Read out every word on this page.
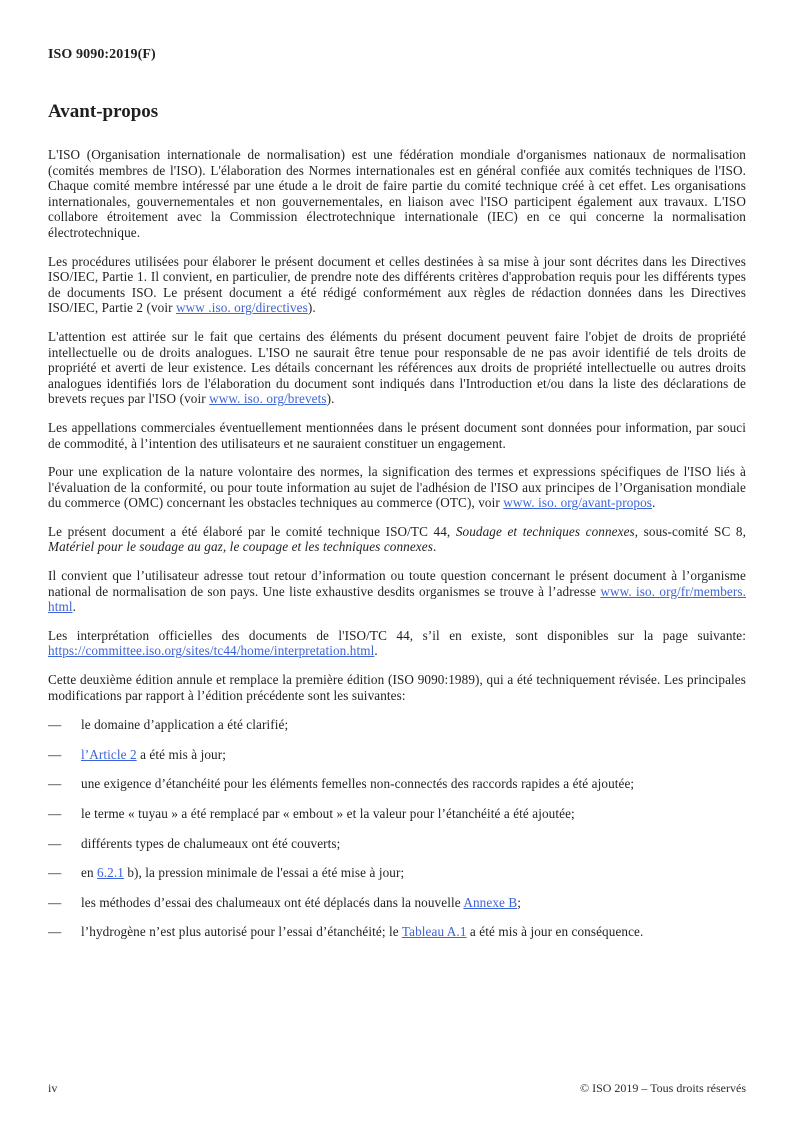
ISO 9090:2019(F)
Avant-propos

L'ISO (Organisation internationale de normalisation) est une fédération mondiale d'organismes nationaux de normalisation (comités membres de l'ISO). L'élaboration des Normes internationales est en général confiée aux comités techniques de l'ISO. Chaque comité membre intéressé par une étude a le droit de faire partie du comité technique créé à cet effet. Les organisations internationales, gouvernementales et non gouvernementales, en liaison avec l'ISO participent également aux travaux. L'ISO collabore étroitement avec la Commission électrotechnique internationale (IEC) en ce qui concerne la normalisation électrotechnique.

Les procédures utilisées pour élaborer le présent document et celles destinées à sa mise à jour sont décrites dans les Directives ISO/IEC, Partie 1. Il convient, en particulier, de prendre note des différents critères d'approbation requis pour les différents types de documents ISO. Le présent document a été rédigé conformément aux règles de rédaction données dans les Directives ISO/IEC, Partie 2 (voir www .iso. org/directives).

L'attention est attirée sur le fait que certains des éléments du présent document peuvent faire l'objet de droits de propriété intellectuelle ou de droits analogues. L'ISO ne saurait être tenue pour responsable de ne pas avoir identifié de tels droits de propriété et averti de leur existence. Les détails concernant les références aux droits de propriété intellectuelle ou autres droits analogues identifiés lors de l'élaboration du document sont indiqués dans l'Introduction et/ou dans la liste des déclarations de brevets reçues par l'ISO (voir www. iso. org/brevets).

Les appellations commerciales éventuellement mentionnées dans le présent document sont données pour information, par souci de commodité, à l’intention des utilisateurs et ne sauraient constituer un engagement.

Pour une explication de la nature volontaire des normes, la signification des termes et expressions spécifiques de l'ISO liés à l'évaluation de la conformité, ou pour toute information au sujet de l'adhésion de l'ISO aux principes de l’Organisation mondiale du commerce (OMC) concernant les obstacles techniques au commerce (OTC), voir www. iso. org/avant-propos.

Le présent document a été élaboré par le comité technique ISO/TC 44, Soudage et techniques connexes, sous-comité SC 8, Matériel pour le soudage au gaz, le coupage et les techniques connexes.

Il convient que l’utilisateur adresse tout retour d’information ou toute question concernant le présent document à l’organisme national de normalisation de son pays. Une liste exhaustive desdits organismes se trouve à l’adresse www. iso. org/fr/members. html.

Les interprétation officielles des documents de l'ISO/TC 44, s’il en existe, sont disponibles sur la page suivante: https://committee.iso.org/sites/tc44/home/interpretation.html.

Cette deuxième édition annule et remplace la première édition (ISO 9090:1989), qui a été techniquement révisée. Les principales modifications par rapport à l’édition précédente sont les suivantes:

—	le domaine d’application a été clarifié;
—	l’Article 2 a été mis à jour;
—	une exigence d’étanchéité pour les éléments femelles non-connectés des raccords rapides a été ajoutée;
—	le terme « tuyau » a été remplacé par « embout » et la valeur pour l’étanchéité a été ajoutée;
—	différents types de chalumeaux ont été couverts;
—	en 6.2.1 b), la pression minimale de l'essai a été mise à jour;
—	les méthodes d’essai des chalumeaux ont été déplacés dans la nouvelle Annexe B;
—	l’hydrogène n’est plus autorisé pour l’essai d’étanchéité; le Tableau A.1 a été mis à jour en conséquence.
iv	© ISO 2019 – Tous droits réservés
